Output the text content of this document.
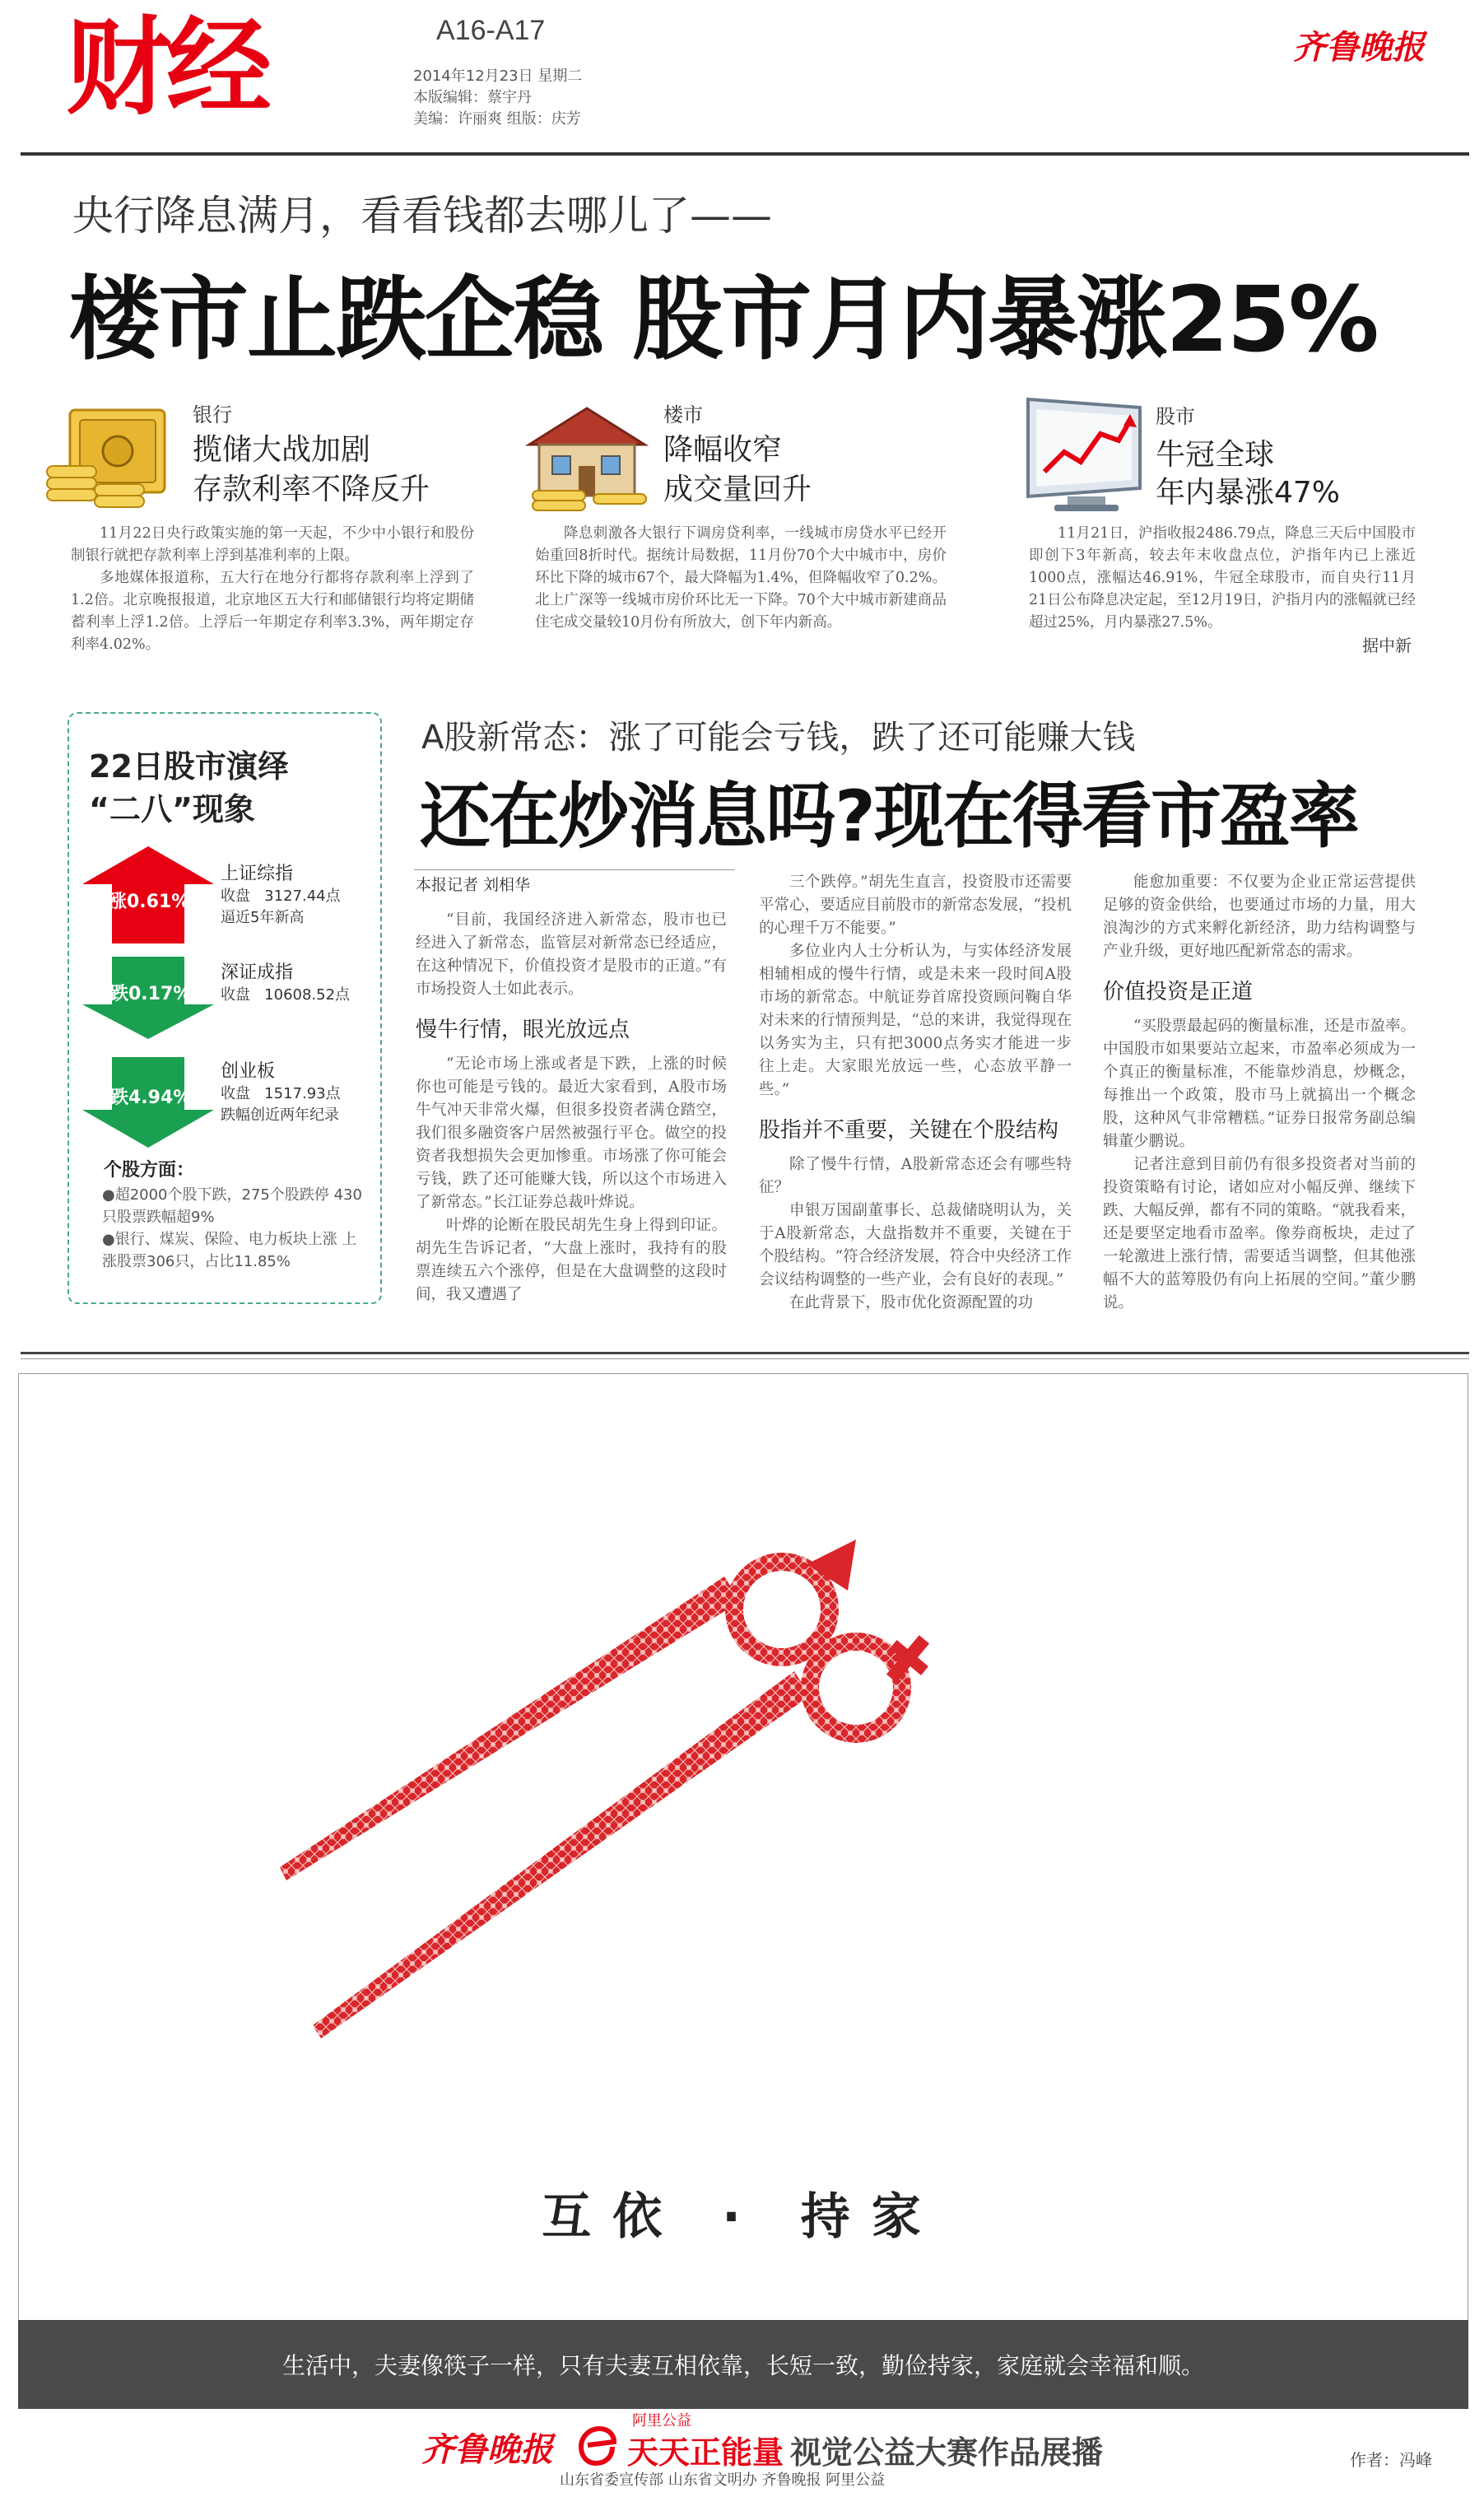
财经	A16-A17
2014年12月23日 星期二
本版编辑：蔡宇丹
美编：许丽爽 组版：庆芳
齐鲁晚报
央行降息满月，看看钱都去哪儿了——
楼市止跌企稳 股市月内暴涨25%
银行
揽储大战加剧
存款利率不降反升

11月22日央行政策实施的第一天起，不少中小银行和股份制银行就把存款利率上浮到基准利率的上限。

多地媒体报道称，五大行在地分行都将存款利率上浮到了1.2倍。北京晚报报道，北京地区五大行和邮储银行均将定期储蓄利率上浮1.2倍。上浮后一年期定存利率3.3%，两年期定存利率4.02%。

楼市
降幅收窄
成交量回升

降息刺激各大银行下调房贷利率，一线城市房贷水平已经开始重回8折时代。据统计局数据，11月份70个大中城市中，房价环比下降的城市67个，最大降幅为1.4%，但降幅收窄了0.2%。北上广深等一线城市房价环比无一下降。70个大中城市新建商品住宅成交量较10月份有所放大，创下年内新高。

股市
牛冠全球
年内暴涨47%

11月21日，沪指收报2486.79点，降息三天后中国股市即创下3年新高，较去年末收盘点位，沪指年内已上涨近1000点，涨幅达46.91%，牛冠全球股市，而自央行11月21日公布降息决定起，至12月19日，沪指月内的涨幅就已经超过25%，月内暴涨27.5%。

据中新
22日股市演绎
“二八”现象
涨0.61%
上证综指
收盘 3127.44点
逼近5年新高
跌0.17%
深证成指
收盘 10608.52点
跌4.94%
创业板
收盘 1517.93点
跌幅创近两年纪录
个股方面：
●超2000个股下跌，275个股跌停 430只股票跌幅超9%
●银行、煤炭、保险、电力板块上涨 上涨股票306只，占比11.85%
A股新常态：涨了可能会亏钱，跌了还可能赚大钱
还在炒消息吗?现在得看市盈率
本报记者 刘相华

“目前，我国经济进入新常态，股市也已经进入了新常态，监管层对新常态已经适应，在这种情况下，价值投资才是股市的正道。”有市场投资人士如此表示。

慢牛行情，眼光放远点

“无论市场上涨或者是下跌，上涨的时候你也可能是亏钱的。最近大家看到，A股市场牛气冲天非常火爆，但很多投资者满仓踏空，我们很多融资客户居然被强行平仓。做空的投资者我想损失会更加惨重。市场涨了你可能会亏钱，跌了还可能赚大钱，所以这个市场进入了新常态。”长江证券总裁叶烨说。

叶烨的论断在股民胡先生身上得到印证。胡先生告诉记者，“大盘上涨时，我持有的股票连续五六个涨停，但是在大盘调整的这段时间，我又遭遇了

三个跌停。”胡先生直言，投资股市还需要平常心，要适应目前股市的新常态发展，“投机的心理千万不能要。”

多位业内人士分析认为，与实体经济发展相辅相成的慢牛行情，或是未来一段时间A股市场的新常态。中航证券首席投资顾问鞠自华对未来的行情预判是，“总的来讲，我觉得现在以务实为主，只有把3000点务实才能进一步往上走。大家眼光放远一些，心态放平静一些。”

股指并不重要，关键在个股结构

除了慢牛行情，A股新常态还会有哪些特征？

申银万国副董事长、总裁储晓明认为，关于A股新常态，大盘指数并不重要，关键在于个股结构。“符合经济发展，符合中央经济工作会议结构调整的一些产业，会有良好的表现。”

在此背景下，股市优化资源配置的功

能愈加重要：不仅要为企业正常运营提供足够的资金供给，也要通过市场的力量，用大浪淘沙的方式来孵化新经济，助力结构调整与产业升级，更好地匹配新常态的需求。

价值投资是正道

“买股票最起码的衡量标准，还是市盈率。中国股市如果要站立起来，市盈率必须成为一个真正的衡量标准，不能靠炒消息，炒概念，每推出一个政策，股市马上就搞出一个概念股，这种风气非常糟糕。”证券日报常务副总编辑董少鹏说。

记者注意到目前仍有很多投资者对当前的投资策略有讨论，诸如应对小幅反弹、继续下跌、大幅反弹，都有不同的策略。“就我看来，还是要坚定地看市盈率。像券商板块，走过了一轮激进上涨行情，需要适当调整，但其他涨幅不大的蓝筹股仍有向上拓展的空间。”董少鹏说。

互依 · 持家
生活中，夫妻像筷子一样，只有夫妻互相依靠，长短一致，勤俭持家，家庭就会幸福和顺。
齐鲁晚报
阿里公益
天天正能量 视觉公益大赛作品展播
山东省委宣传部 山东省文明办 齐鲁晚报 阿里公益
作者：冯峰
